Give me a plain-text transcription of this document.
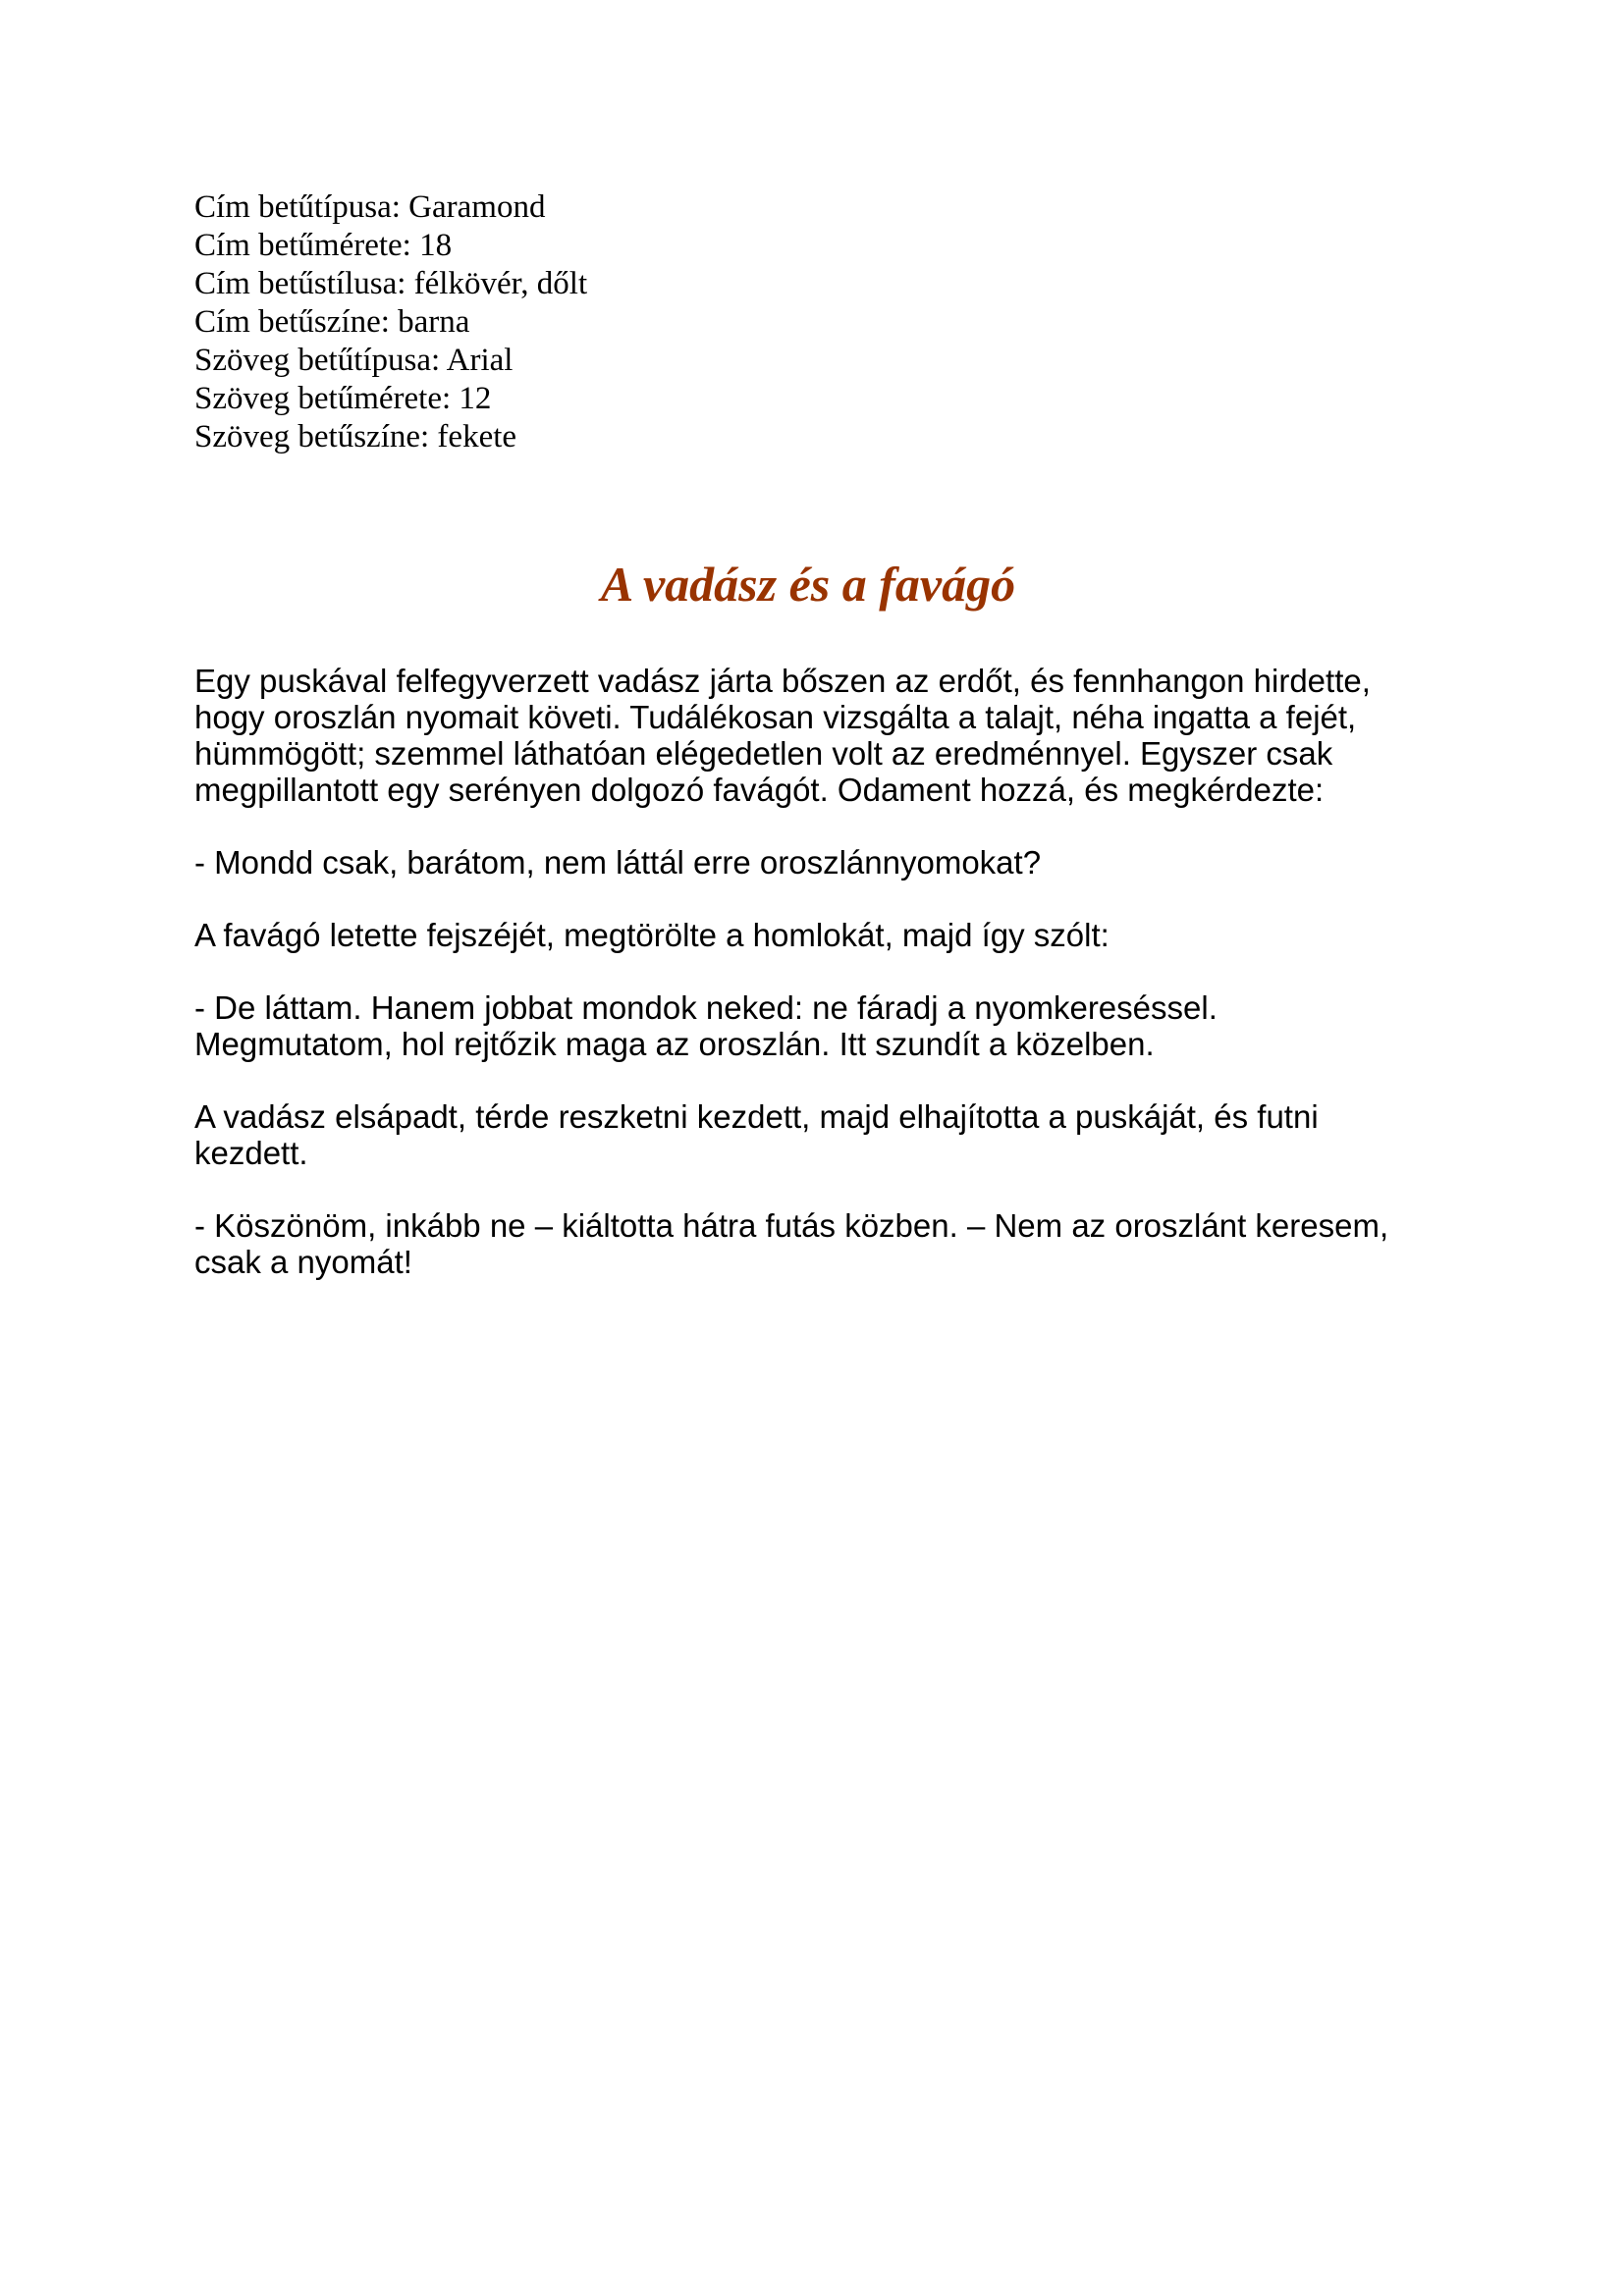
Cím betűtípusa: Garamond
Cím betűmérete: 18
Cím betűstílusa: félkövér, dőlt
Cím betűszíne: barna
Szöveg betűtípusa: Arial
Szöveg betűmérete: 12
Szöveg betűszíne: fekete
A vadász és a favágó

Egy puskával felfegyverzett vadász járta bőszen az erdőt, és fennhangon hirdette, hogy oroszlán nyomait követi. Tudálékosan vizsgálta a talajt, néha ingatta a fejét, hümmögött; szemmel láthatóan elégedetlen volt az eredménnyel. Egyszer csak megpillantott egy serényen dolgozó favágót. Odament hozzá, és megkérdezte:

- Mondd csak, barátom, nem láttál erre oroszlánnyomokat?

A favágó letette fejszéjét, megtörölte a homlokát, majd így szólt:

- De láttam. Hanem jobbat mondok neked: ne fáradj a nyomkereséssel. Megmutatom, hol rejtőzik maga az oroszlán. Itt szundít a közelben.

A vadász elsápadt, térde reszketni kezdett, majd elhajította a puskáját, és futni kezdett.

- Köszönöm, inkább ne – kiáltotta hátra futás közben. – Nem az oroszlánt keresem, csak a nyomát!
